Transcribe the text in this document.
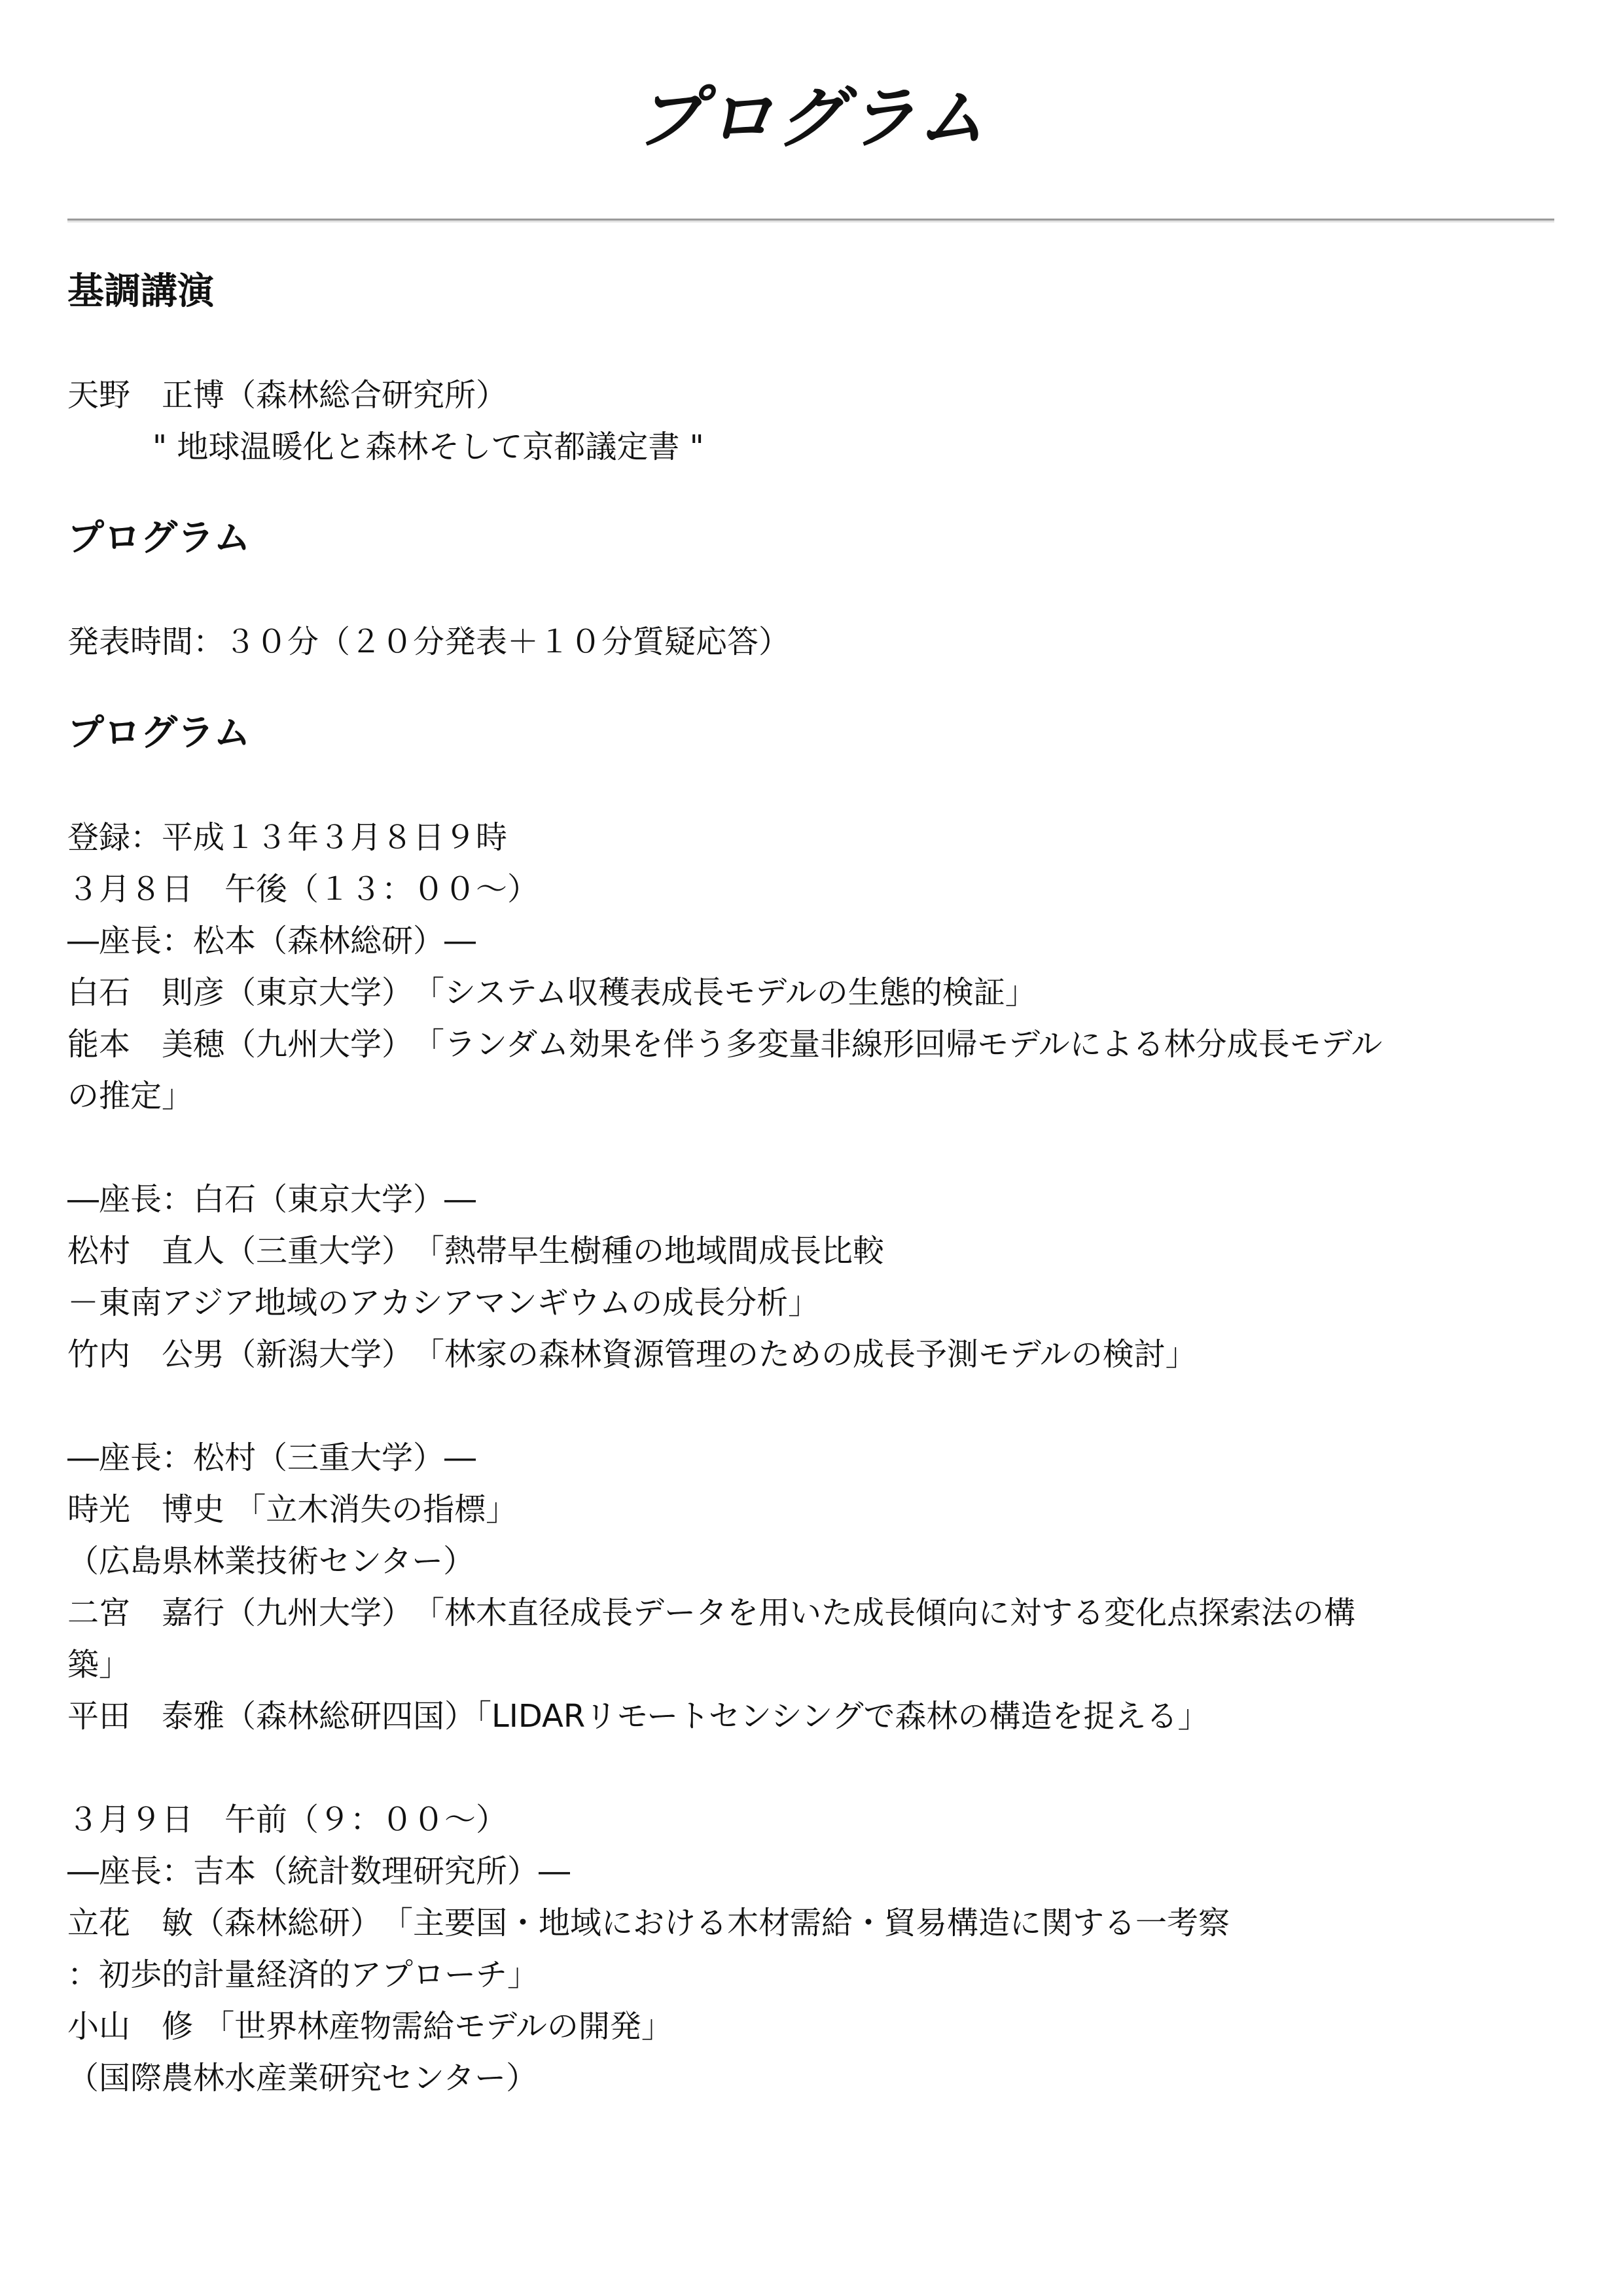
プログラム
基調講演
天野　正博（森林総合研究所）
" 地球温暖化と森林そして京都議定書 "
プログラム
発表時間：３０分（２０分発表＋１０分質疑応答）
プログラム
登録：平成１３年３月８日９時
３月８日　午後（１３：００～）
―座長：松本（森林総研）―
白石　則彦（東京大学）　「システム収穫表成長モデルの生態的検証」
能本　美穂（九州大学）　「ランダム効果を伴う多変量非線形回帰モデルによる林分成長モデル
の推定」
―座長：白石（東京大学）―
松村　直人（三重大学）　「熱帯早生樹種の地域間成長比較
－東南アジア地域のアカシアマンギウムの成長分析」
竹内　公男（新潟大学）　「林家の森林資源管理のための成長予測モデルの検討」
―座長：松村（三重大学）―
時光　博史 「立木消失の指標」
（広島県林業技術センター）
二宮　嘉行（九州大学）　「林木直径成長データを用いた成長傾向に対する変化点探索法の構
築」
平田　泰雅（森林総研四国）「LIDARリモートセンシングで森林の構造を捉える」
３月９日　午前（９：００～）
―座長：吉本（統計数理研究所）―
立花　敏（森林総研）　「主要国・地域における木材需給・貿易構造に関する一考察
：初歩的計量経済的アプローチ」
小山　修 「世界林産物需給モデルの開発」
（国際農林水産業研究センター）
